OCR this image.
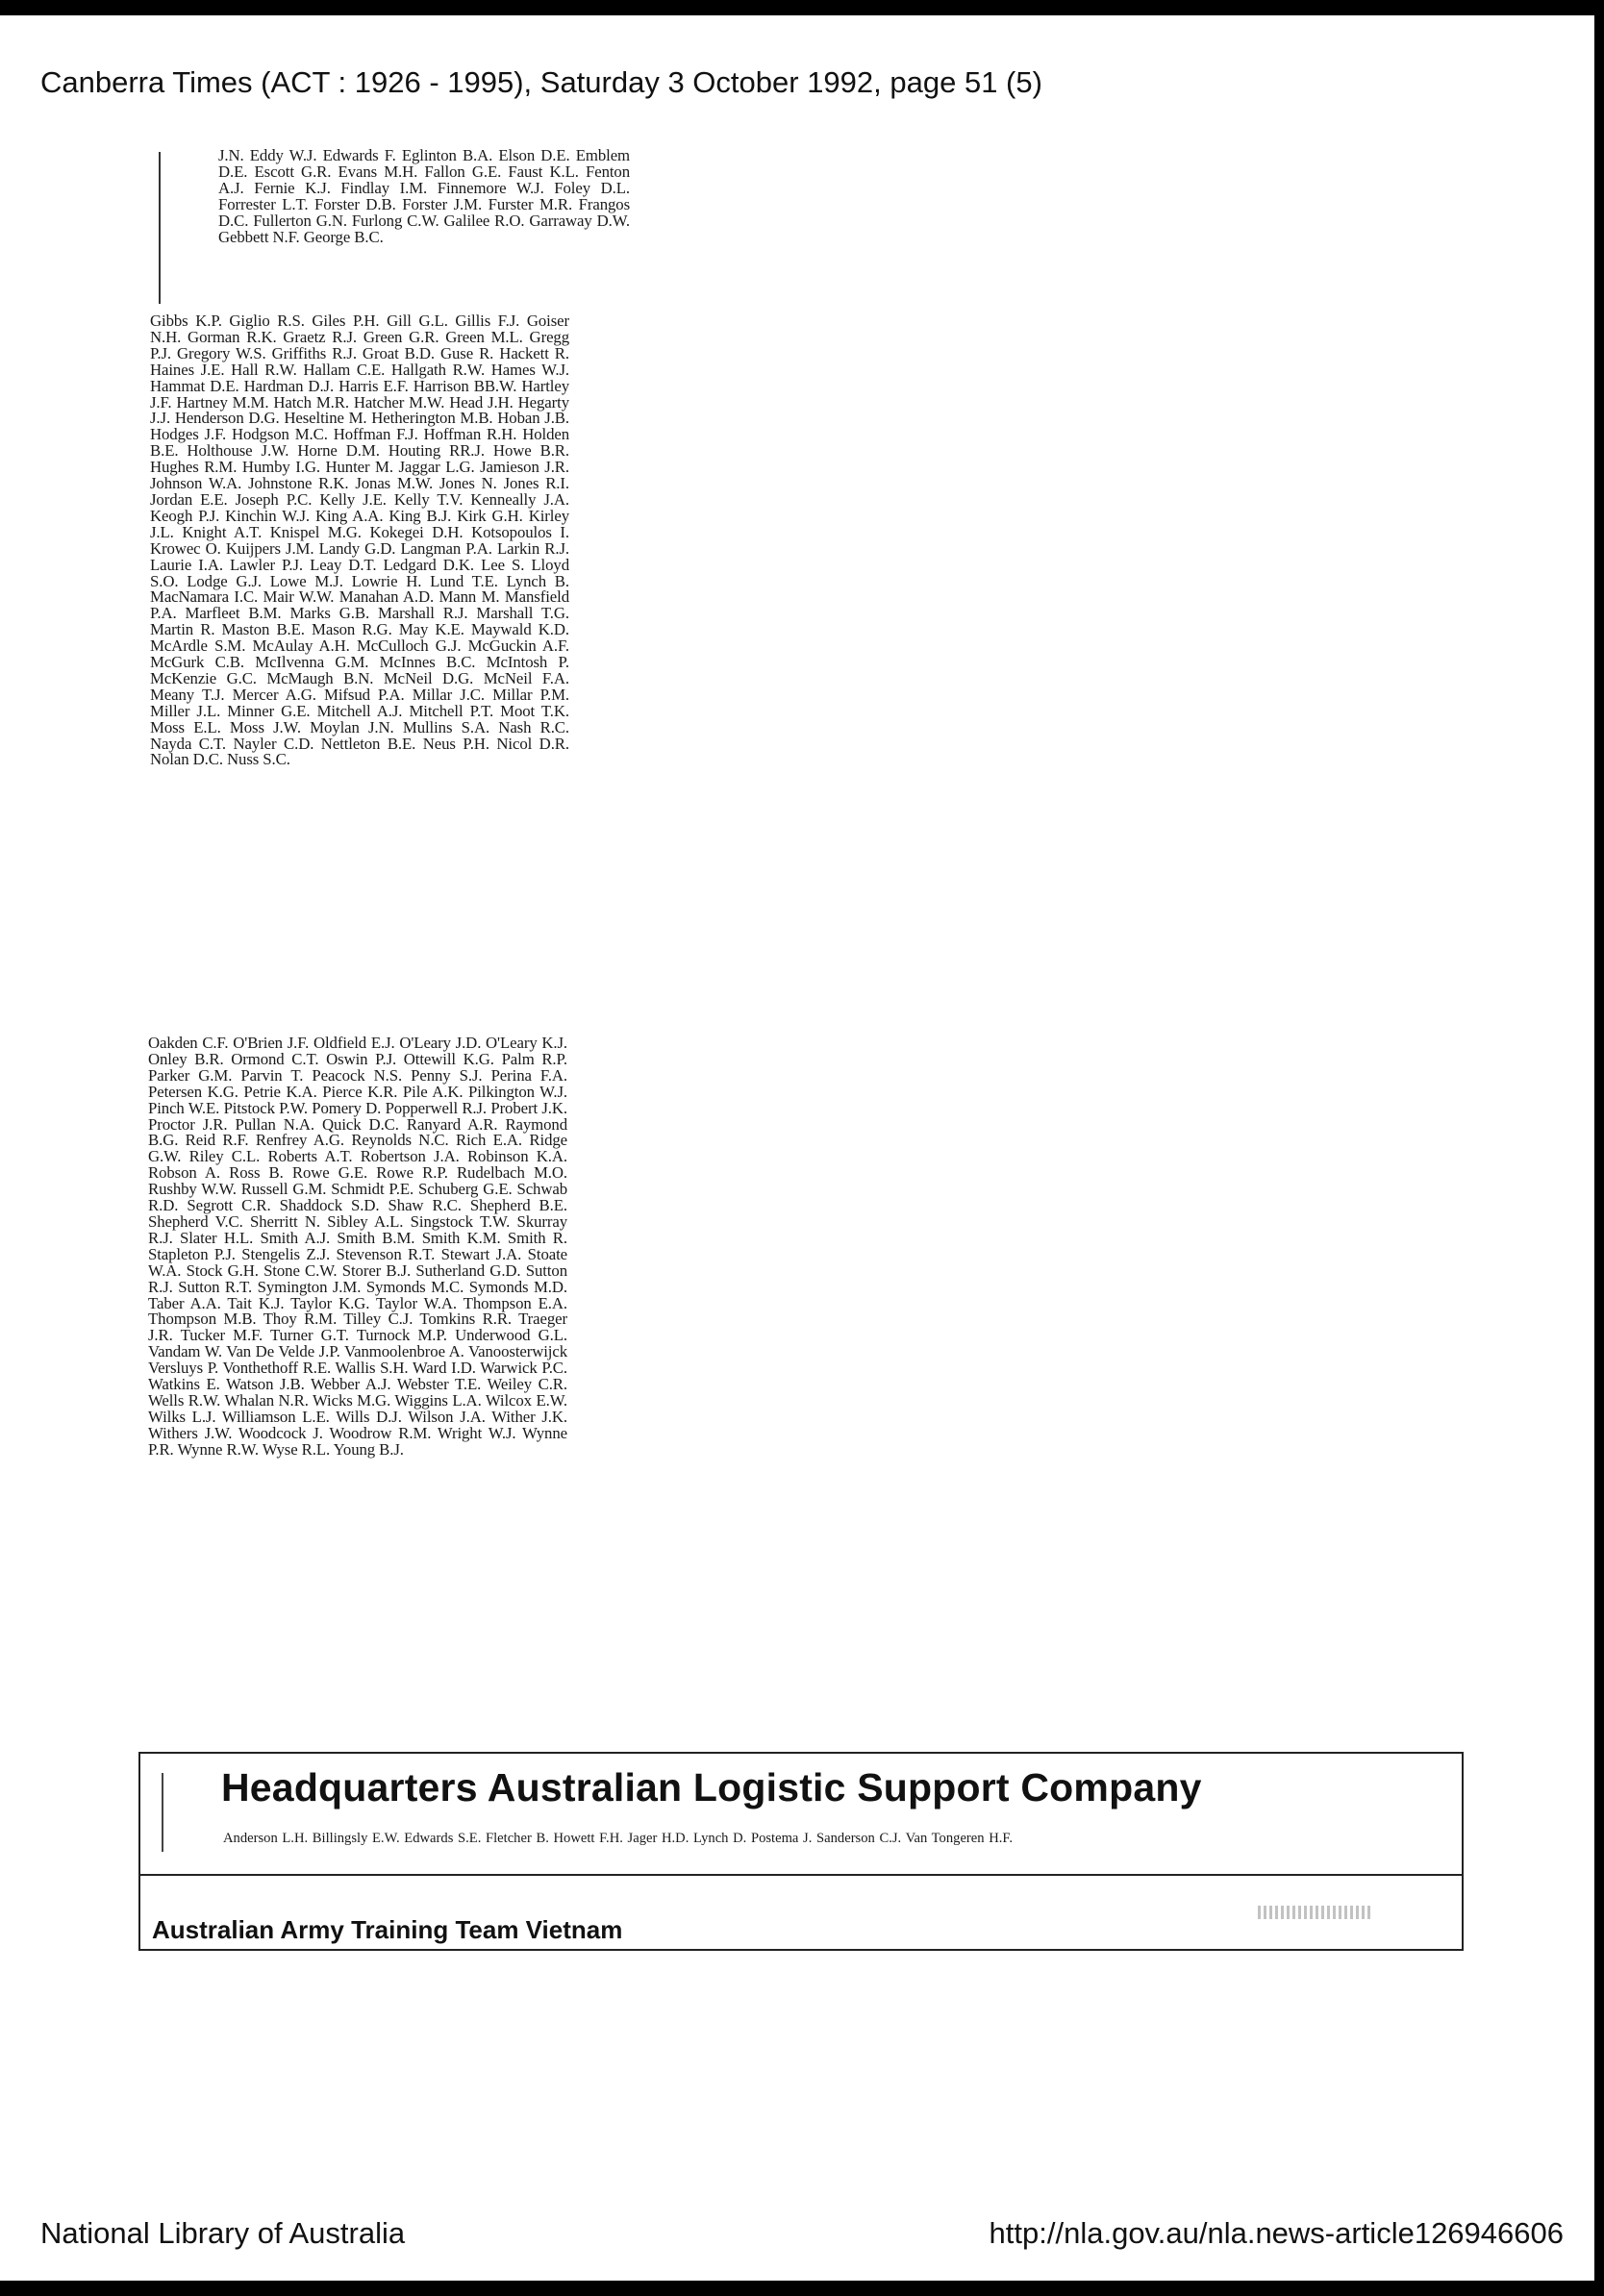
Canberra Times (ACT : 1926 - 1995), Saturday 3 October 1992, page 51 (5)

J.N. Eddy W.J. Edwards F. Eglinton B.A. Elson D.E. Emblem D.E. Escott G.R. Evans M.H. Fallon G.E. Faust K.L. Fenton A.J. Fernie K.J. Findlay I.M. Finnemore W.J. Foley D.L. Forrester L.T. Forster D.B. Forster J.M. Furster M.R. Frangos D.C. Fullerton G.N. Furlong C.W. Galilee R.O. Garraway D.W. Gebbett N.F. George B.C.

Gibbs K.P. Giglio R.S. Giles P.H. Gill G.L. Gillis F.J. Goiser N.H. Gorman R.K. Graetz R.J. Green G.R. Green M.L. Gregg P.J. Gregory W.S. Griffiths R.J. Groat B.D. Guse R. Hackett R. Haines J.E. Hall R.W. Hallam C.E. Hallgath R.W. Hames W.J. Hammat D.E. Hardman D.J. Harris E.F. Harrison BB.W. Hartley J.F. Hartney M.M. Hatch M.R. Hatcher M.W. Head J.H. Hegarty J.J. Henderson D.G. Heseltine M. Hetherington M.B. Hoban J.B. Hodges J.F. Hodgson M.C. Hoffman F.J. Hoffman R.H. Holden B.E. Holthouse J.W. Horne D.M. Houting RR.J. Howe B.R. Hughes R.M. Humby I.G. Hunter M. Jaggar L.G. Jamieson J.R. Johnson W.A. Johnstone R.K. Jonas M.W. Jones N. Jones R.I. Jordan E.E. Joseph P.C. Kelly J.E. Kelly T.V. Kenneally J.A. Keogh P.J. Kinchin W.J. King A.A. King B.J. Kirk G.H. Kirley J.L. Knight A.T. Knispel M.G. Kokegei D.H. Kotsopoulos I. Krowec O. Kuijpers J.M. Landy G.D. Langman P.A. Larkin R.J. Laurie I.A. Lawler P.J. Leay D.T. Ledgard D.K. Lee S. Lloyd S.O. Lodge G.J. Lowe M.J. Lowrie H. Lund T.E. Lynch B. MacNamara I.C. Mair W.W. Manahan A.D. Mann M. Mansfield P.A. Marfleet B.M. Marks G.B. Marshall R.J. Marshall T.G. Martin R. Maston B.E. Mason R.G. May K.E. Maywald K.D. McArdle S.M. McAulay A.H. McCulloch G.J. McGuckin A.F. McGurk C.B. McIlvenna G.M. McInnes B.C. McIntosh P. McKenzie G.C. McMaugh B.N. McNeil D.G. McNeil F.A. Meany T.J. Mercer A.G. Mifsud P.A. Millar J.C. Millar P.M. Miller J.L. Minner G.E. Mitchell A.J. Mitchell P.T. Moot T.K. Moss E.L. Moss J.W. Moylan J.N. Mullins S.A. Nash R.C. Nayda C.T. Nayler C.D. Nettleton B.E. Neus P.H. Nicol D.R. Nolan D.C. Nuss S.C.

Oakden C.F. O'Brien J.F. Oldfield E.J. O'Leary J.D. O'Leary K.J. Onley B.R. Ormond C.T. Oswin P.J. Ottewill K.G. Palm R.P. Parker G.M. Parvin T. Peacock N.S. Penny S.J. Perina F.A. Petersen K.G. Petrie K.A. Pierce K.R. Pile A.K. Pilkington W.J. Pinch W.E. Pitstock P.W. Pomery D. Popperwell R.J. Probert J.K. Proctor J.R. Pullan N.A. Quick D.C. Ranyard A.R. Raymond B.G. Reid R.F. Renfrey A.G. Reynolds N.C. Rich E.A. Ridge G.W. Riley C.L. Roberts A.T. Robertson J.A. Robinson K.A. Robson A. Ross B. Rowe G.E. Rowe R.P. Rudelbach M.O. Rushby W.W. Russell G.M. Schmidt P.E. Schuberg G.E. Schwab R.D. Segrott C.R. Shaddock S.D. Shaw R.C. Shepherd B.E. Shepherd V.C. Sherritt N. Sibley A.L. Singstock T.W. Skurray R.J. Slater H.L. Smith A.J. Smith B.M. Smith K.M. Smith R. Stapleton P.J. Stengelis Z.J. Stevenson R.T. Stewart J.A. Stoate W.A. Stock G.H. Stone C.W. Storer B.J. Sutherland G.D. Sutton R.J. Sutton R.T. Symington J.M. Symonds M.C. Symonds M.D. Taber A.A. Tait K.J. Taylor K.G. Taylor W.A. Thompson E.A. Thompson M.B. Thoy R.M. Tilley C.J. Tomkins R.R. Traeger J.R. Tucker M.F. Turner G.T. Turnock M.P. Underwood G.L. Vandam W. Van De Velde J.P. Vanmoolenbroe A. Vanoosterwijck Versluys P. Vonthethoff R.E. Wallis S.H. Ward I.D. Warwick P.C. Watkins E. Watson J.B. Webber A.J. Webster T.E. Weiley C.R. Wells R.W. Whalan N.R. Wicks M.G. Wiggins L.A. Wilcox E.W. Wilks L.J. Williamson L.E. Wills D.J. Wilson J.A. Wither J.K. Withers J.W. Woodcock J. Woodrow R.M. Wright W.J. Wynne P.R. Wynne R.W. Wyse R.L. Young B.J.

Headquarters Australian Logistic Support Company
Anderson L.H. Billingsly E.W. Edwards S.E. Fletcher B. Howett F.H. Jager H.D. Lynch D. Postema J. Sanderson C.J. Van Tongeren H.F.
Australian Army Training Team Vietnam
National Library of Australia	http://nla.gov.au/nla.news-article126946606
